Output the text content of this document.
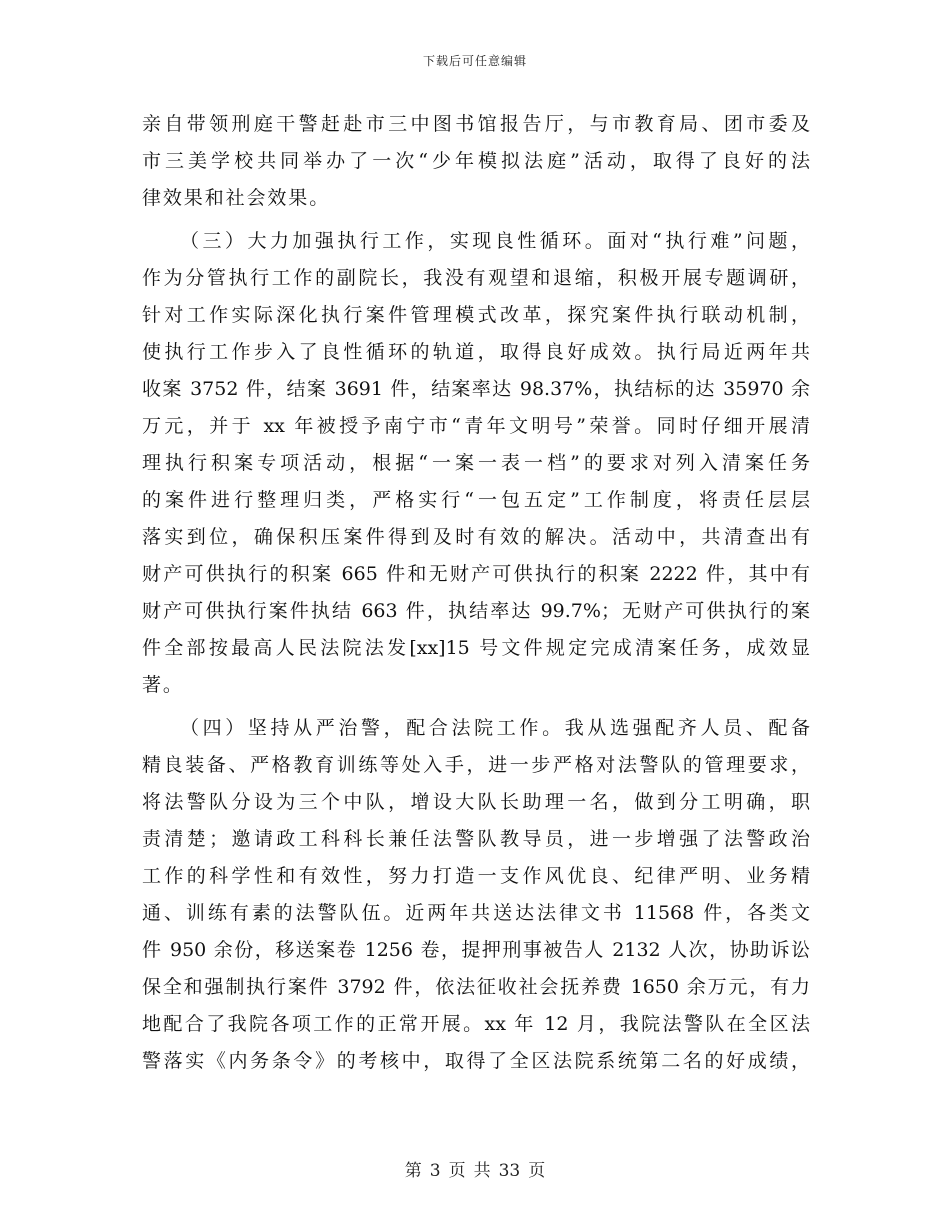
下载后可任意编辑
亲自带领刑庭干警赶赴市三中图书馆报告厅，与市教育局、团市委及
市三美学校共同举办了一次“少年模拟法庭”活动，取得了良好的法
律效果和社会效果。
（三）大力加强执行工作，实现良性循环。面对“执行难”问题，
作为分管执行工作的副院长，我没有观望和退缩，积极开展专题调研，
针对工作实际深化执行案件管理模式改革，探究案件执行联动机制，
使执行工作步入了良性循环的轨道，取得良好成效。执行局近两年共
收案 3752 件，结案 3691 件，结案率达 98.37%，执结标的达 35970 余
万元，并于 xx 年被授予南宁市“青年文明号”荣誉。同时仔细开展清
理执行积案专项活动，根据“一案一表一档”的要求对列入清案任务
的案件进行整理归类，严格实行“一包五定”工作制度，将责任层层
落实到位，确保积压案件得到及时有效的解决。活动中，共清查出有
财产可供执行的积案 665 件和无财产可供执行的积案 2222 件，其中有
财产可供执行案件执结 663 件，执结率达 99.7%；无财产可供执行的案
件全部按最高人民法院法发[xx]15 号文件规定完成清案任务，成效显
著。
（四）坚持从严治警，配合法院工作。我从选强配齐人员、配备
精良装备、严格教育训练等处入手，进一步严格对法警队的管理要求，
将法警队分设为三个中队，增设大队长助理一名，做到分工明确，职
责清楚；邀请政工科科长兼任法警队教导员，进一步增强了法警政治
工作的科学性和有效性，努力打造一支作风优良、纪律严明、业务精
通、训练有素的法警队伍。近两年共送达法律文书 11568 件，各类文
件 950 余份，移送案卷 1256 卷，提押刑事被告人 2132 人次，协助诉讼
保全和强制执行案件 3792 件，依法征收社会抚养费 1650 余万元，有力
地配合了我院各项工作的正常开展。xx 年 12 月，我院法警队在全区法
警落实《内务条令》的考核中，取得了全区法院系统第二名的好成绩，
第 3 页 共 33 页
